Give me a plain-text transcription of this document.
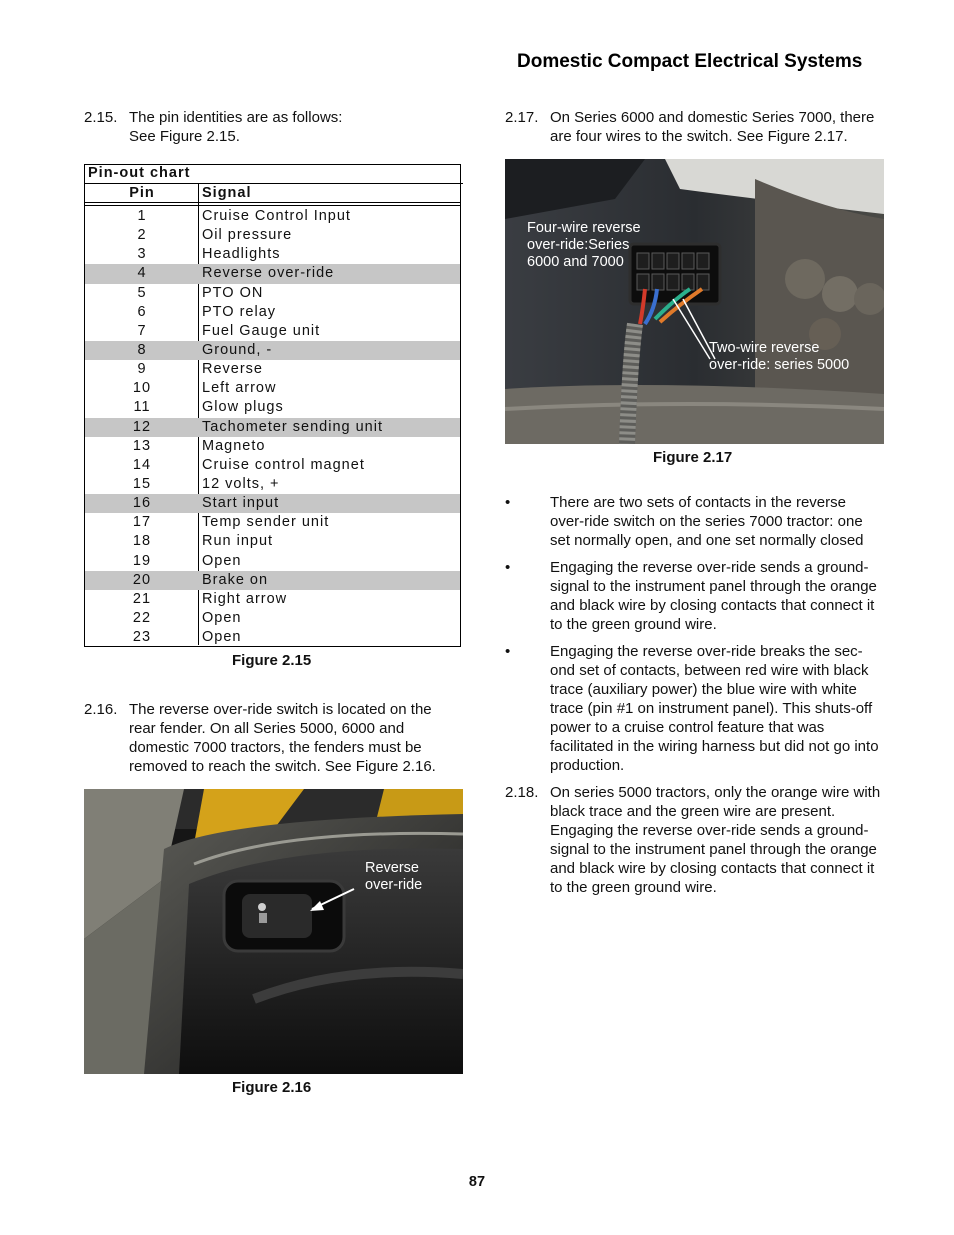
Domestic Compact Electrical Systems
2.15. The pin identities are as follows: See Figure 2.15.
Pin-out chart
Pin	Signal
1	Cruise Control Input
2	Oil pressure
3	Headlights
4	Reverse over-ride
5	PTO ON
6	PTO relay
7	Fuel Gauge unit
8	Ground, -
9	Reverse
10	Left arrow
11	Glow plugs
12	Tachometer sending unit
13	Magneto
14	Cruise control magnet
15	12 volts, +
16	Start input
17	Temp sender unit
18	Run input
19	Open
20	Brake on
21	Right arrow
22	Open
23	Open
Figure 2.15
2.16. The reverse over-ride switch is located on the rear fender. On all Series 5000, 6000 and domestic 7000 tractors, the fenders must be removed to reach the switch. See Figure 2.16.
Reverse
over-ride
Figure 2.16
2.17. On Series 6000 and domestic Series 7000, there are four wires to the switch. See Figure 2.17.
Four-wire reverse
over-ride:Series
6000 and 7000
Two-wire reverse
over-ride: series 5000
Figure 2.17
•	There are two sets of contacts in the reverse over-ride switch on the series 7000 tractor: one set normally open, and one set normally closed
•	Engaging the reverse over-ride sends a ground-signal to the instrument panel through the orange and black wire by closing contacts that connect it to the green ground wire.
•	Engaging the reverse over-ride breaks the sec-ond set of contacts, between red wire with black trace (auxiliary power) the blue wire with white trace (pin #1 on instrument panel). This shuts-off power to a cruise control feature that was facilitated in the wiring harness but did not go into production.
2.18. On series 5000 tractors, only the orange wire with black trace and the green wire are present. Engaging the reverse over-ride sends a ground-signal to the instrument panel through the orange and black wire by closing contacts that connect it to the green ground wire.
87
